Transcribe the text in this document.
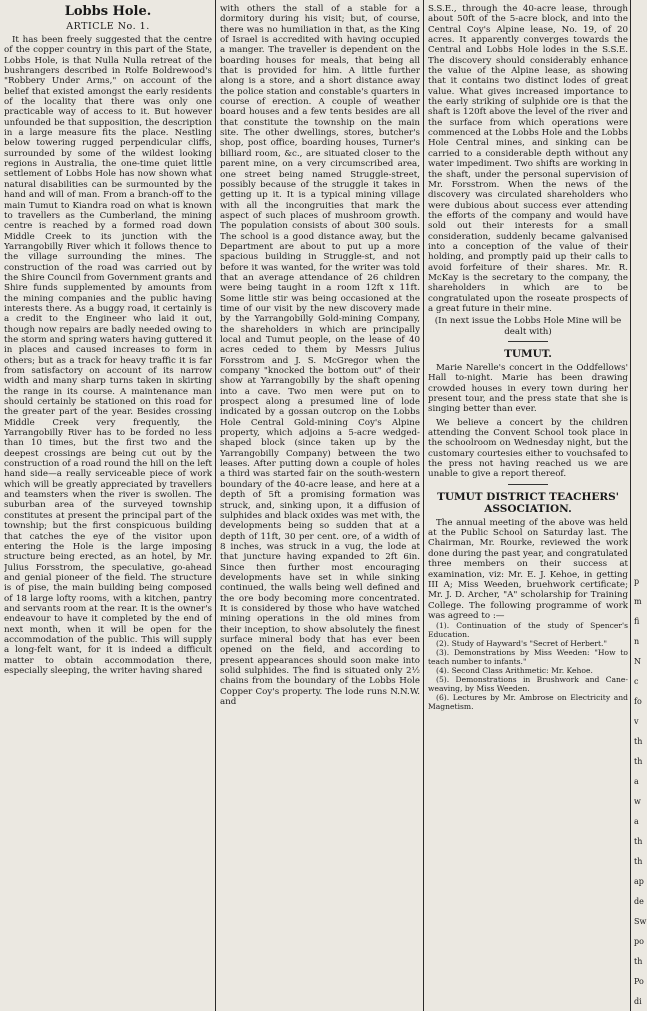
Lobbs Hole.
ARTICLE No. 1.

It has been freely suggested that the centre of the copper country in this part of the State, Lobbs Hole, is that Nulla Nulla retreat of the bushrangers described in Rolfe Boldrewood's "Robbery Under Arms," on account of the belief that existed amongst the early residents of the locality that there was only one practicable way of access to it. But however unfounded be that supposition, the description in a large measure fits the place. Nestling below towering rugged perpendicular cliffs, surrounded by some of the wildest looking regions in Australia, the one-time quiet little settlement of Lobbs Hole has now shown what natural disabilities can be surmounted by the hand and will of man. From a branch-off to the main Tumut to Kiandra road on what is known to travellers as the Cumberland, the mining centre is reached by a formed road down Middle Creek to its junction with the Yarrangobilly River which it follows thence to the village surrounding the mines. The construction of the road was carried out by the Shire Council from Government grants and Shire funds supplemented by amounts from the mining companies and the public having interests there. As a buggy road, it certainly is a credit to the Engineer who laid it out, though now repairs are badly needed owing to the storm and spring waters having guttered it in places and caused increases to form in others; but as a track for heavy traffic it is far from satisfactory on account of its narrow width and many sharp turns taken in skirting the range in its course. A maintenance man should certainly be stationed on this road for the greater part of the year. Besides crossing Middle Creek very frequently, the Yarrangobilly River has to be forded no less than 10 times, but the first two and the deepest crossings are being cut out by the construction of a road round the hill on the left hand side—a really serviceable piece of work which will be greatly appreciated by travellers and teamsters when the river is swollen. The suburban area of the surveyed township constitutes at present the principal part of the township; but the first conspicuous building that catches the eye of the visitor upon entering the Hole is the large imposing structure being erected, as an hotel, by Mr. Julius Forsstrom, the speculative, go-ahead and genial pioneer of the field. The structure is of pise, the main building being composed of 18 large lofty rooms, with a kitchen, pantry and servants room at the rear. It is the owner's endeavour to have it completed by the end of next month, when it will be open for the accommodation of the public. This will supply a long-felt want, for it is indeed a difficult matter to obtain accommodation there, especially sleeping, the writer having shared

with others the stall of a stable for a dormitory during his visit; but, of course, there was no humiliation in that, as the King of Israel is accredited with having occupied a manger. The traveller is dependent on the boarding houses for meals, that being all that is provided for him. A little further along is a store, and a short distance away the police station and constable's quarters in course of erection. A couple of weather board houses and a few tents besides are all that constitute the township on the main site. The other dwellings, stores, butcher's shop, post office, boarding houses, Turner's billiard room, &c., are situated closer to the parent mine, on a very circumscribed area, one street being named Struggle-street, possibly because of the struggle it takes in getting up it. It is a typical mining village with all the incongruities that mark the aspect of such places of mushroom growth. The population consists of about 300 souls. The school is a good distance away, but the Department are about to put up a more spacious building in Struggle-st, and not before it was wanted, for the writer was told that an average attendance of 26 children were being taught in a room 12ft x 11ft. Some little stir was being occasioned at the time of our visit by the new discovery made by the Yarrangobilly Gold-mining Company, the shareholders in which are principally local and Tumut people, on the lease of 40 acres ceded to them by Messrs Julius Forsstrom and J. S. McGregor when the company "knocked the bottom out" of their show at Yarrangobilly by the shaft opening into a cave. Two men were put on to prospect along a presumed line of lode indicated by a gossan outcrop on the Lobbs Hole Central Gold-mining Coy's Alpine property, which adjoins a 5-acre wedged-shaped block (since taken up by the Yarrangobilly Company) between the two leases. After putting down a couple of holes a third was started fair on the south-western boundary of the 40-acre lease, and here at a depth of 5ft a promising formation was struck, and, sinking upon, it a diffusion of sulphides and black oxides was met with, the developments being so sudden that at a depth of 11ft, 30 per cent. ore, of a width of 8 inches, was struck in a vug, the lode at that juncture having expanded to 2ft 6in. Since then further most encouraging developments have set in while sinking continued, the walls being well defined and the ore body becoming more concentrated. It is considered by those who have watched mining operations in the old mines from their inception, to show absolutely the finest surface mineral body that has ever been opened on the field, and according to present appearances should soon make into solid sulphides. The find is situated only 2½ chains from the boundary of the Lobbs Hole Copper Coy's property. The lode runs N.N.W. and

S.S.E., through the 40-acre lease, through about 50ft of the 5-acre block, and into the Central Coy's Alpine lease, No. 19, of 20 acres. It apparently converges towards the Central and Lobbs Hole lodes in the S.S.E. The discovery should considerably enhance the value of the Alpine lease, as showing that it contains two distinct lodes of great value. What gives increased importance to the early striking of sulphide ore is that the shaft is 120ft above the level of the river and the surface from which operations were commenced at the Lobbs Hole and the Lobbs Hole Central mines, and sinking can be carried to a considerable depth without any water impediment. Two shifts are working in the shaft, under the personal supervision of Mr. Forsstrom. When the news of the discovery was circulated shareholders who were dubious about success ever attending the efforts of the company and would have sold out their interests for a small consideration, suddenly became galvanised into a conception of the value of their holding, and promptly paid up their calls to avoid forfeiture of their shares. Mr. R. McKay is the secretary to the company, the shareholders in which are to be congratulated upon the roseate prospects of a great future in their mine.

(In next issue the Lobbs Hole Mine will be dealt with)

TUMUT.

Marie Narelle's concert in the Oddfellows' Hall to-night. Marie has been drawing crowded houses in every town during her present tour, and the press state that she is singing better than ever.

We believe a concert by the children attending the Convent School took place in the schoolroom on Wednesday night, but the customary courtesies either to vouchsafed to the press not having reached us we are unable to give a report thereof.

TUMUT DISTRICT TEACHERS' ASSOCIATION.

The annual meeting of the above was held at the Public School on Saturday last. The Chairman, Mr. Rourke, reviewed the work done during the past year, and congratulated three members on their success at examination, viz: Mr. E. J. Kehoe, in getting III A; Miss Weeden, bruehwork certificate; Mr. J. D. Archer, "A" scholarship for Training College. The following programme of work was agreed to :—

(1). Continuation of the study of Spencer's Education.

(2). Study of Hayward's "Secret of Herbert."

(3). Demonstrations by Miss Weeden: "How to teach number to infants."

(4). Second Class Arithmetic: Mr. Kehoe.

(5). Demonstrations in Brushwork and Cane-weaving, by Miss Weeden.

(6). Lectures by Mr. Ambrose on Electricity and Magnetism.

p

m

fi

n

N

c

fo

v

th

th

a

w

a

th

th

ap

de

Sw

po

th

Po

di
